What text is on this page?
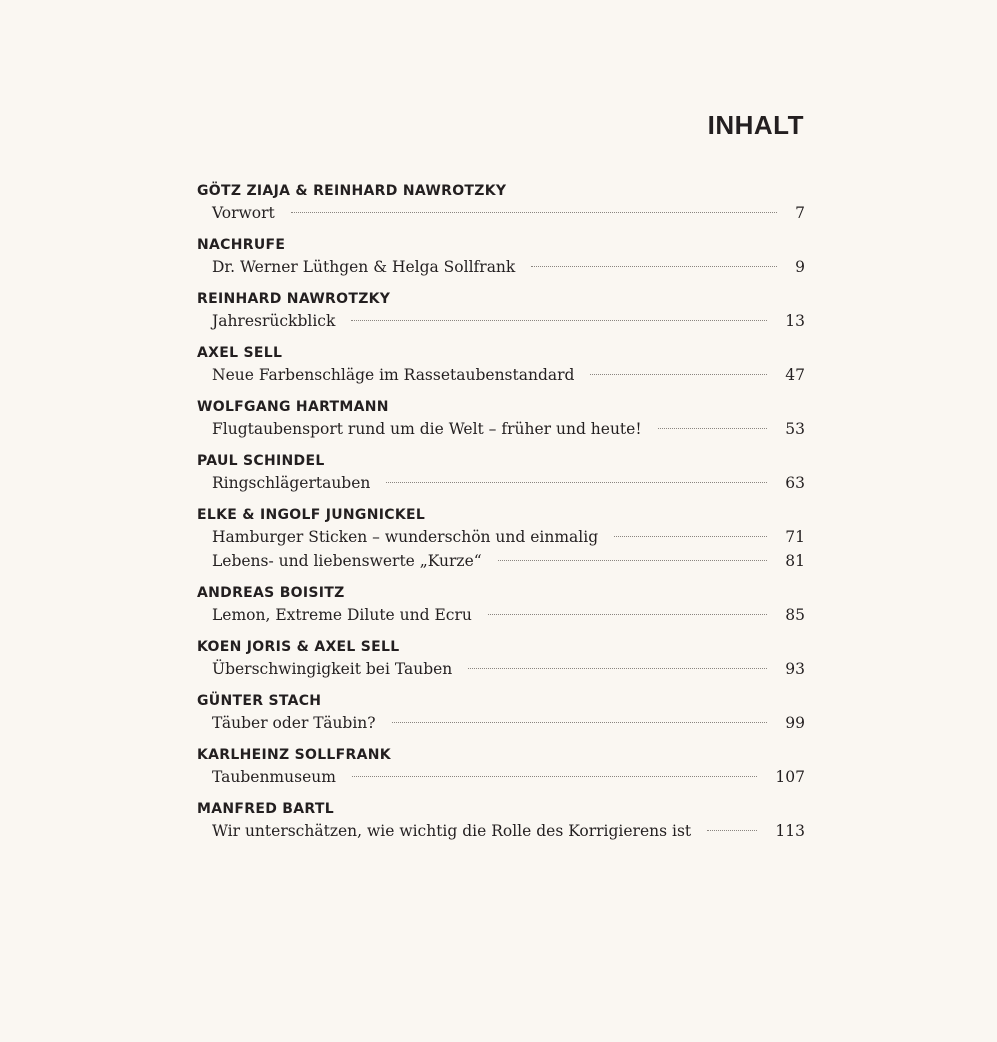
INHALT
GÖTZ ZIAJA & REINHARD NAWROTZKY
Vorwort	7
NACHRUFE
Dr. Werner Lüthgen & Helga Sollfrank	9
REINHARD NAWROTZKY
Jahresrückblick	13
AXEL SELL
Neue Farbenschläge im Rassetaubenstandard	47
WOLFGANG HARTMANN
Flugtaubensport rund um die Welt – früher und heute!	53
PAUL SCHINDEL
Ringschlägertauben	63
ELKE & INGOLF JUNGNICKEL
Hamburger Sticken – wunderschön und einmalig	71
Lebens- und liebenswerte „Kurze“	81
ANDREAS BOISITZ
Lemon, Extreme Dilute und Ecru	85
KOEN JORIS & AXEL SELL
Überschwingigkeit bei Tauben	93
GÜNTER STACH
Täuber oder Täubin?	99
KARLHEINZ SOLLFRANK
Taubenmuseum	107
MANFRED BARTL
Wir unterschätzen, wie wichtig die Rolle des Korrigierens ist	113
